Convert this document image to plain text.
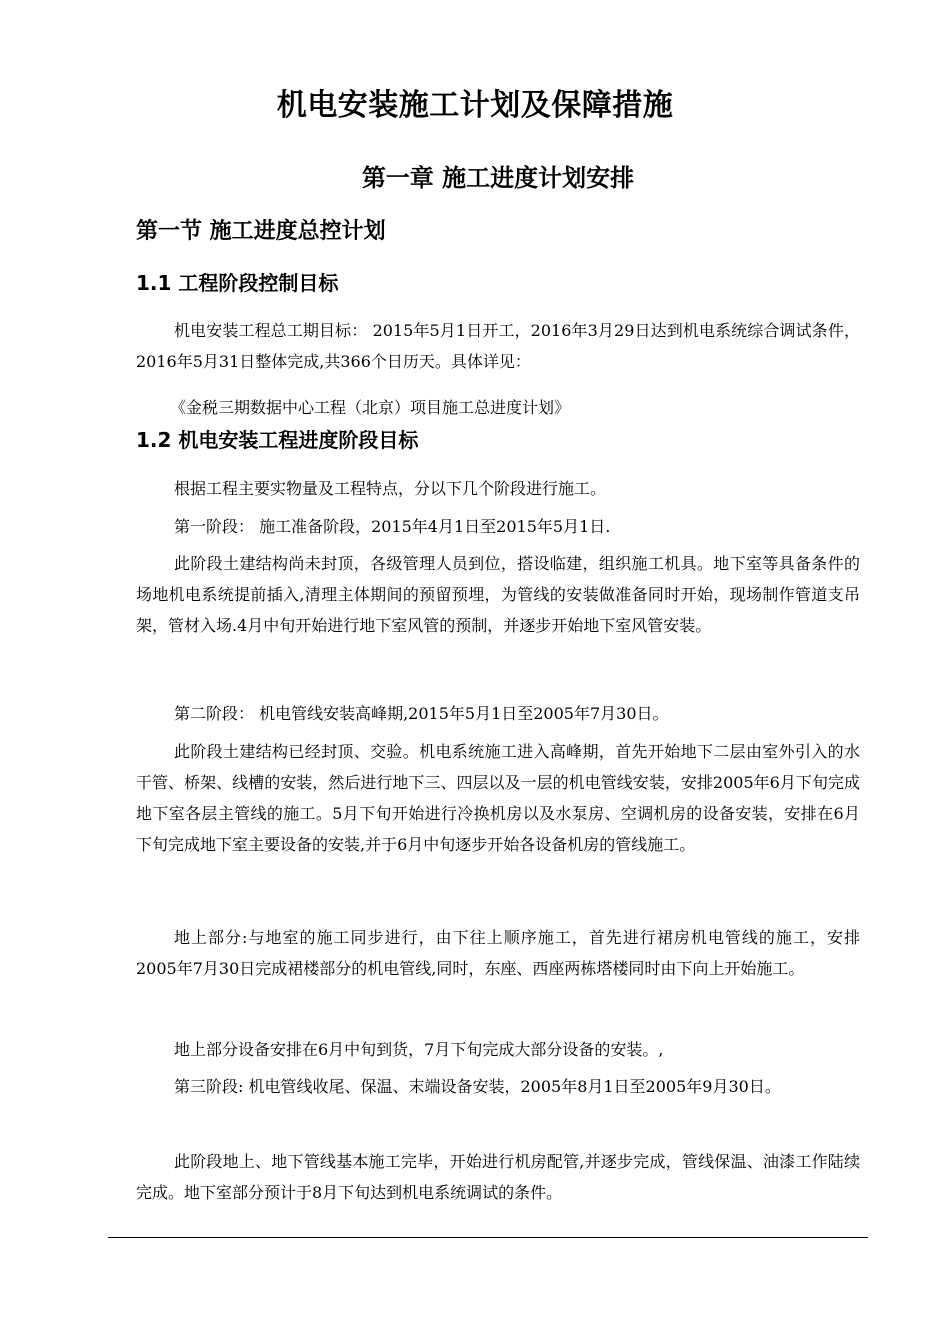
机电安装施工计划及保障措施
第一章 施工进度计划安排
第一节 施工进度总控计划
1.1 工程阶段控制目标

机电安装工程总工期目标： 2015年5月1日开工，2016年3月29日达到机电系统综合调试条件，2016年5月31日整体完成,共366个日历天。具体详见：

《金税三期数据中心工程（北京）项目施工总进度计划》

1.2 机电安装工程进度阶段目标

根据工程主要实物量及工程特点，分以下几个阶段进行施工。

第一阶段： 施工准备阶段，2015年4月1日至2015年5月1日.

此阶段土建结构尚未封顶，各级管理人员到位，搭设临建，组织施工机具。地下室等具备条件的场地机电系统提前插入,清理主体期间的预留预埋，为管线的安装做准备同时开始，现场制作管道支吊架，管材入场.4月中旬开始进行地下室风管的预制，并逐步开始地下室风管安装。

第二阶段： 机电管线安装高峰期,2015年5月1日至2005年7月30日。

此阶段土建结构已经封顶、交验。机电系统施工进入高峰期，首先开始地下二层由室外引入的水干管、桥架、线槽的安装，然后进行地下三、四层以及一层的机电管线安装，安排2005年6月下旬完成地下室各层主管线的施工。5月下旬开始进行冷换机房以及水泵房、空调机房的设备安装，安排在6月下旬完成地下室主要设备的安装,并于6月中旬逐步开始各设备机房的管线施工。

地上部分:与地室的施工同步进行，由下往上顺序施工，首先进行裙房机电管线的施工，安排2005年7月30日完成裙楼部分的机电管线,同时，东座、西座两栋塔楼同时由下向上开始施工。

地上部分设备安排在6月中旬到货，7月下旬完成大部分设备的安装。,

第三阶段: 机电管线收尾、保温、末端设备安装，2005年8月1日至2005年9月30日。

此阶段地上、地下管线基本施工完毕，开始进行机房配管,并逐步完成，管线保温、油漆工作陆续完成。地下室部分预计于8月下旬达到机电系统调试的条件。
